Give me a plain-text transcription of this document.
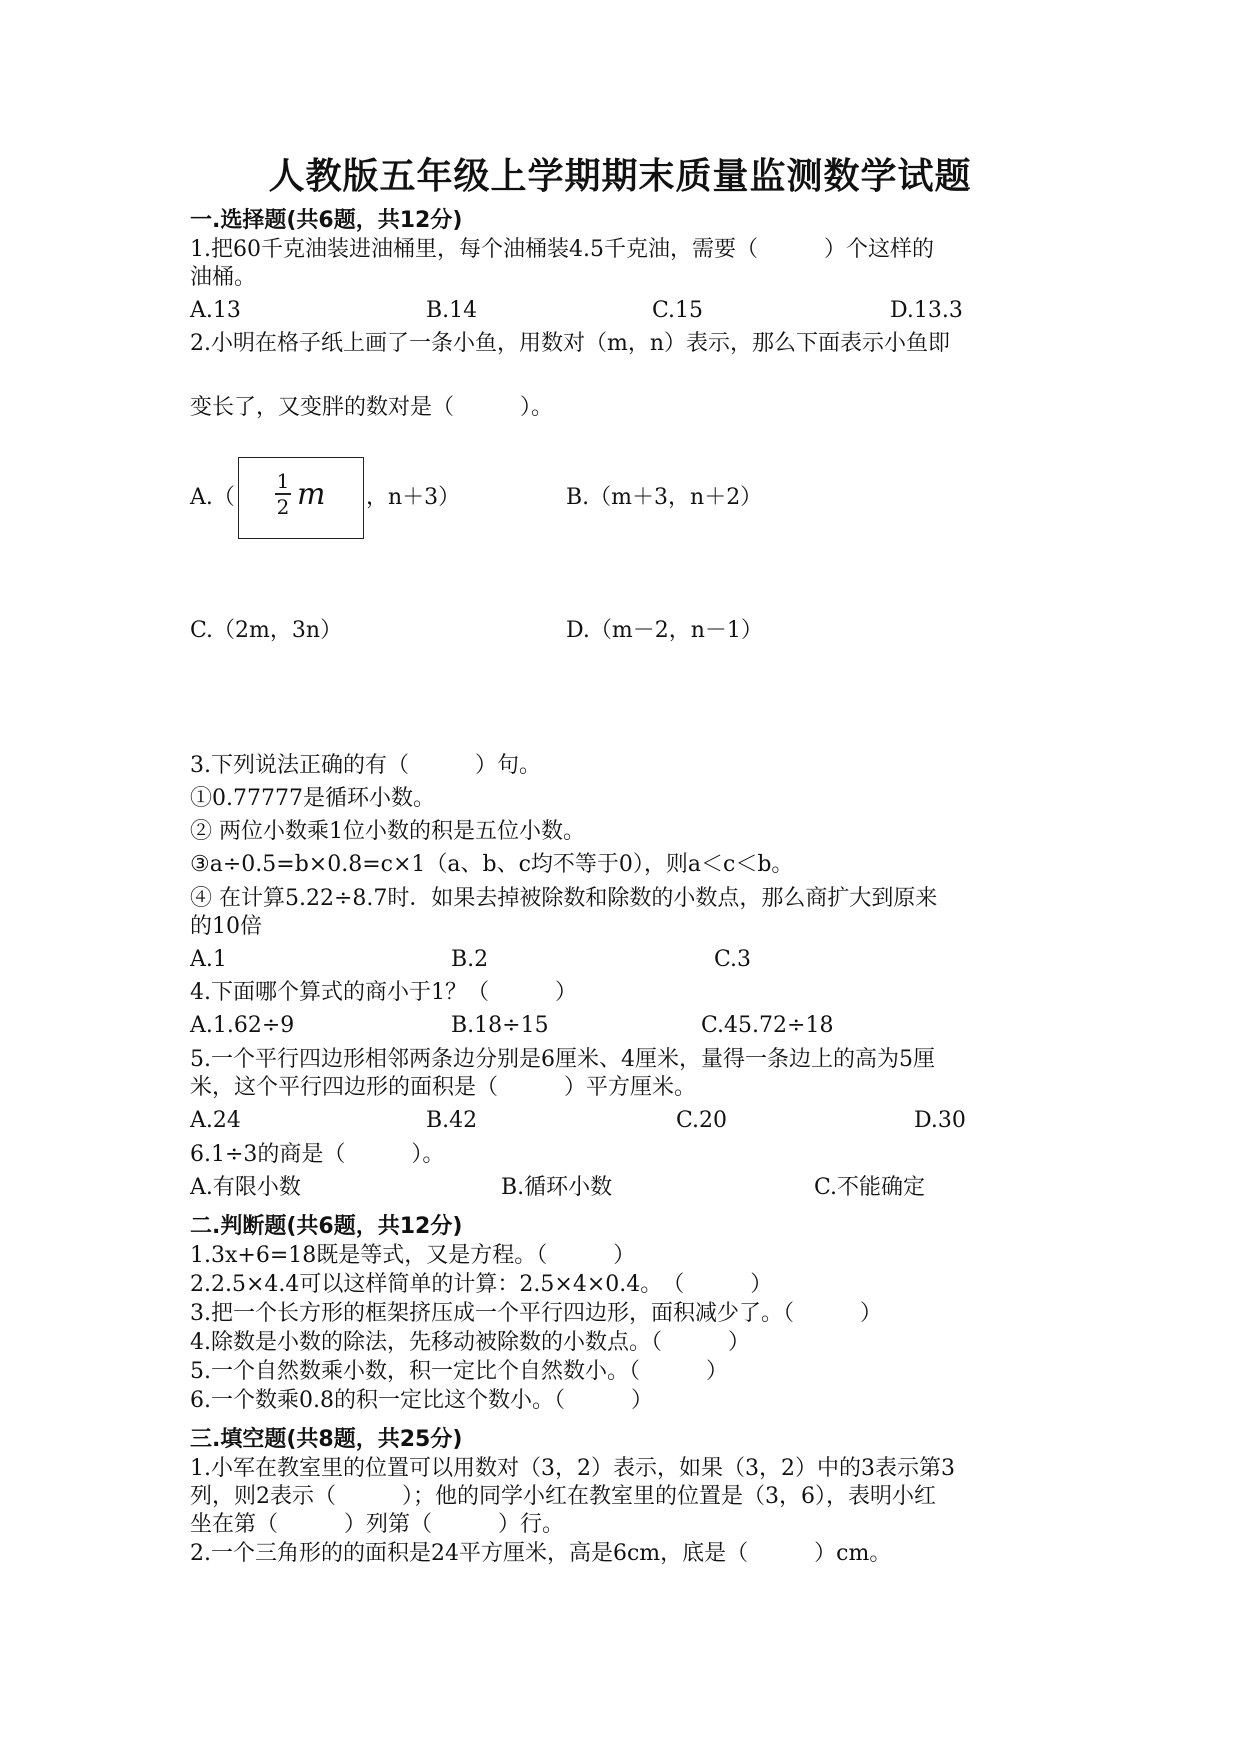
人教版五年级上学期期末质量监测数学试题
一.选择题(共6题，共12分)
1.把60千克油装进油桶里，每个油桶装4.5千克油，需要（　　　）个这样的
油桶。
A.13	B.14	C.15	D.13.3
2.小明在格子纸上画了一条小鱼，用数对（m，n）表示，那么下面表示小鱼即
变长了，又变胖的数对是（　　　）。
A.（
1
2 m ，n＋3）	B.（m＋3，n＋2）
C.（2m，3n）	D.（m－2，n－1）
3.下列说法正确的有（　　　）句。
①0.77777是循环小数。
② 两位小数乘1位小数的积是五位小数。
③a÷0.5=b×0.8=c×1（a、b、c均不等于0），则a＜c＜b。
④ 在计算5.22÷8.7时．如果去掉被除数和除数的小数点，那么商扩大到原来
的10倍
A.1	B.2	C.3
4.下面哪个算式的商小于1？（　　　）
A.1.62÷9	B.18÷15	C.45.72÷18
5.一个平行四边形相邻两条边分别是6厘米、4厘米，量得一条边上的高为5厘
米，这个平行四边形的面积是（　　　）平方厘米。
A.24	B.42	C.20	D.30
6.1÷3的商是（　　　）。
A.有限小数	B.循环小数	C.不能确定
二.判断题(共6题，共12分)
1.3x+6=18既是等式，又是方程。（　　　）
2.2.5×4.4可以这样简单的计算：2.5×4×0.4。　（　　　）
3.把一个长方形的框架挤压成一个平行四边形，面积减少了。（　　　）
4.除数是小数的除法，先移动被除数的小数点。（　　　）
5.一个自然数乘小数，积一定比个自然数小。（　　　）
6.一个数乘0.8的积一定比这个数小。（　　　）
三.填空题(共8题，共25分)
1.小军在教室里的位置可以用数对（3，2）表示，如果（3，2）中的3表示第3
列，则2表示（　　　）；他的同学小红在教室里的位置是（3，6），表明小红
坐在第（　　　）列第（　　　）行。
2.一个三角形的的面积是24平方厘米，高是6cm，底是（　　　）cm。
